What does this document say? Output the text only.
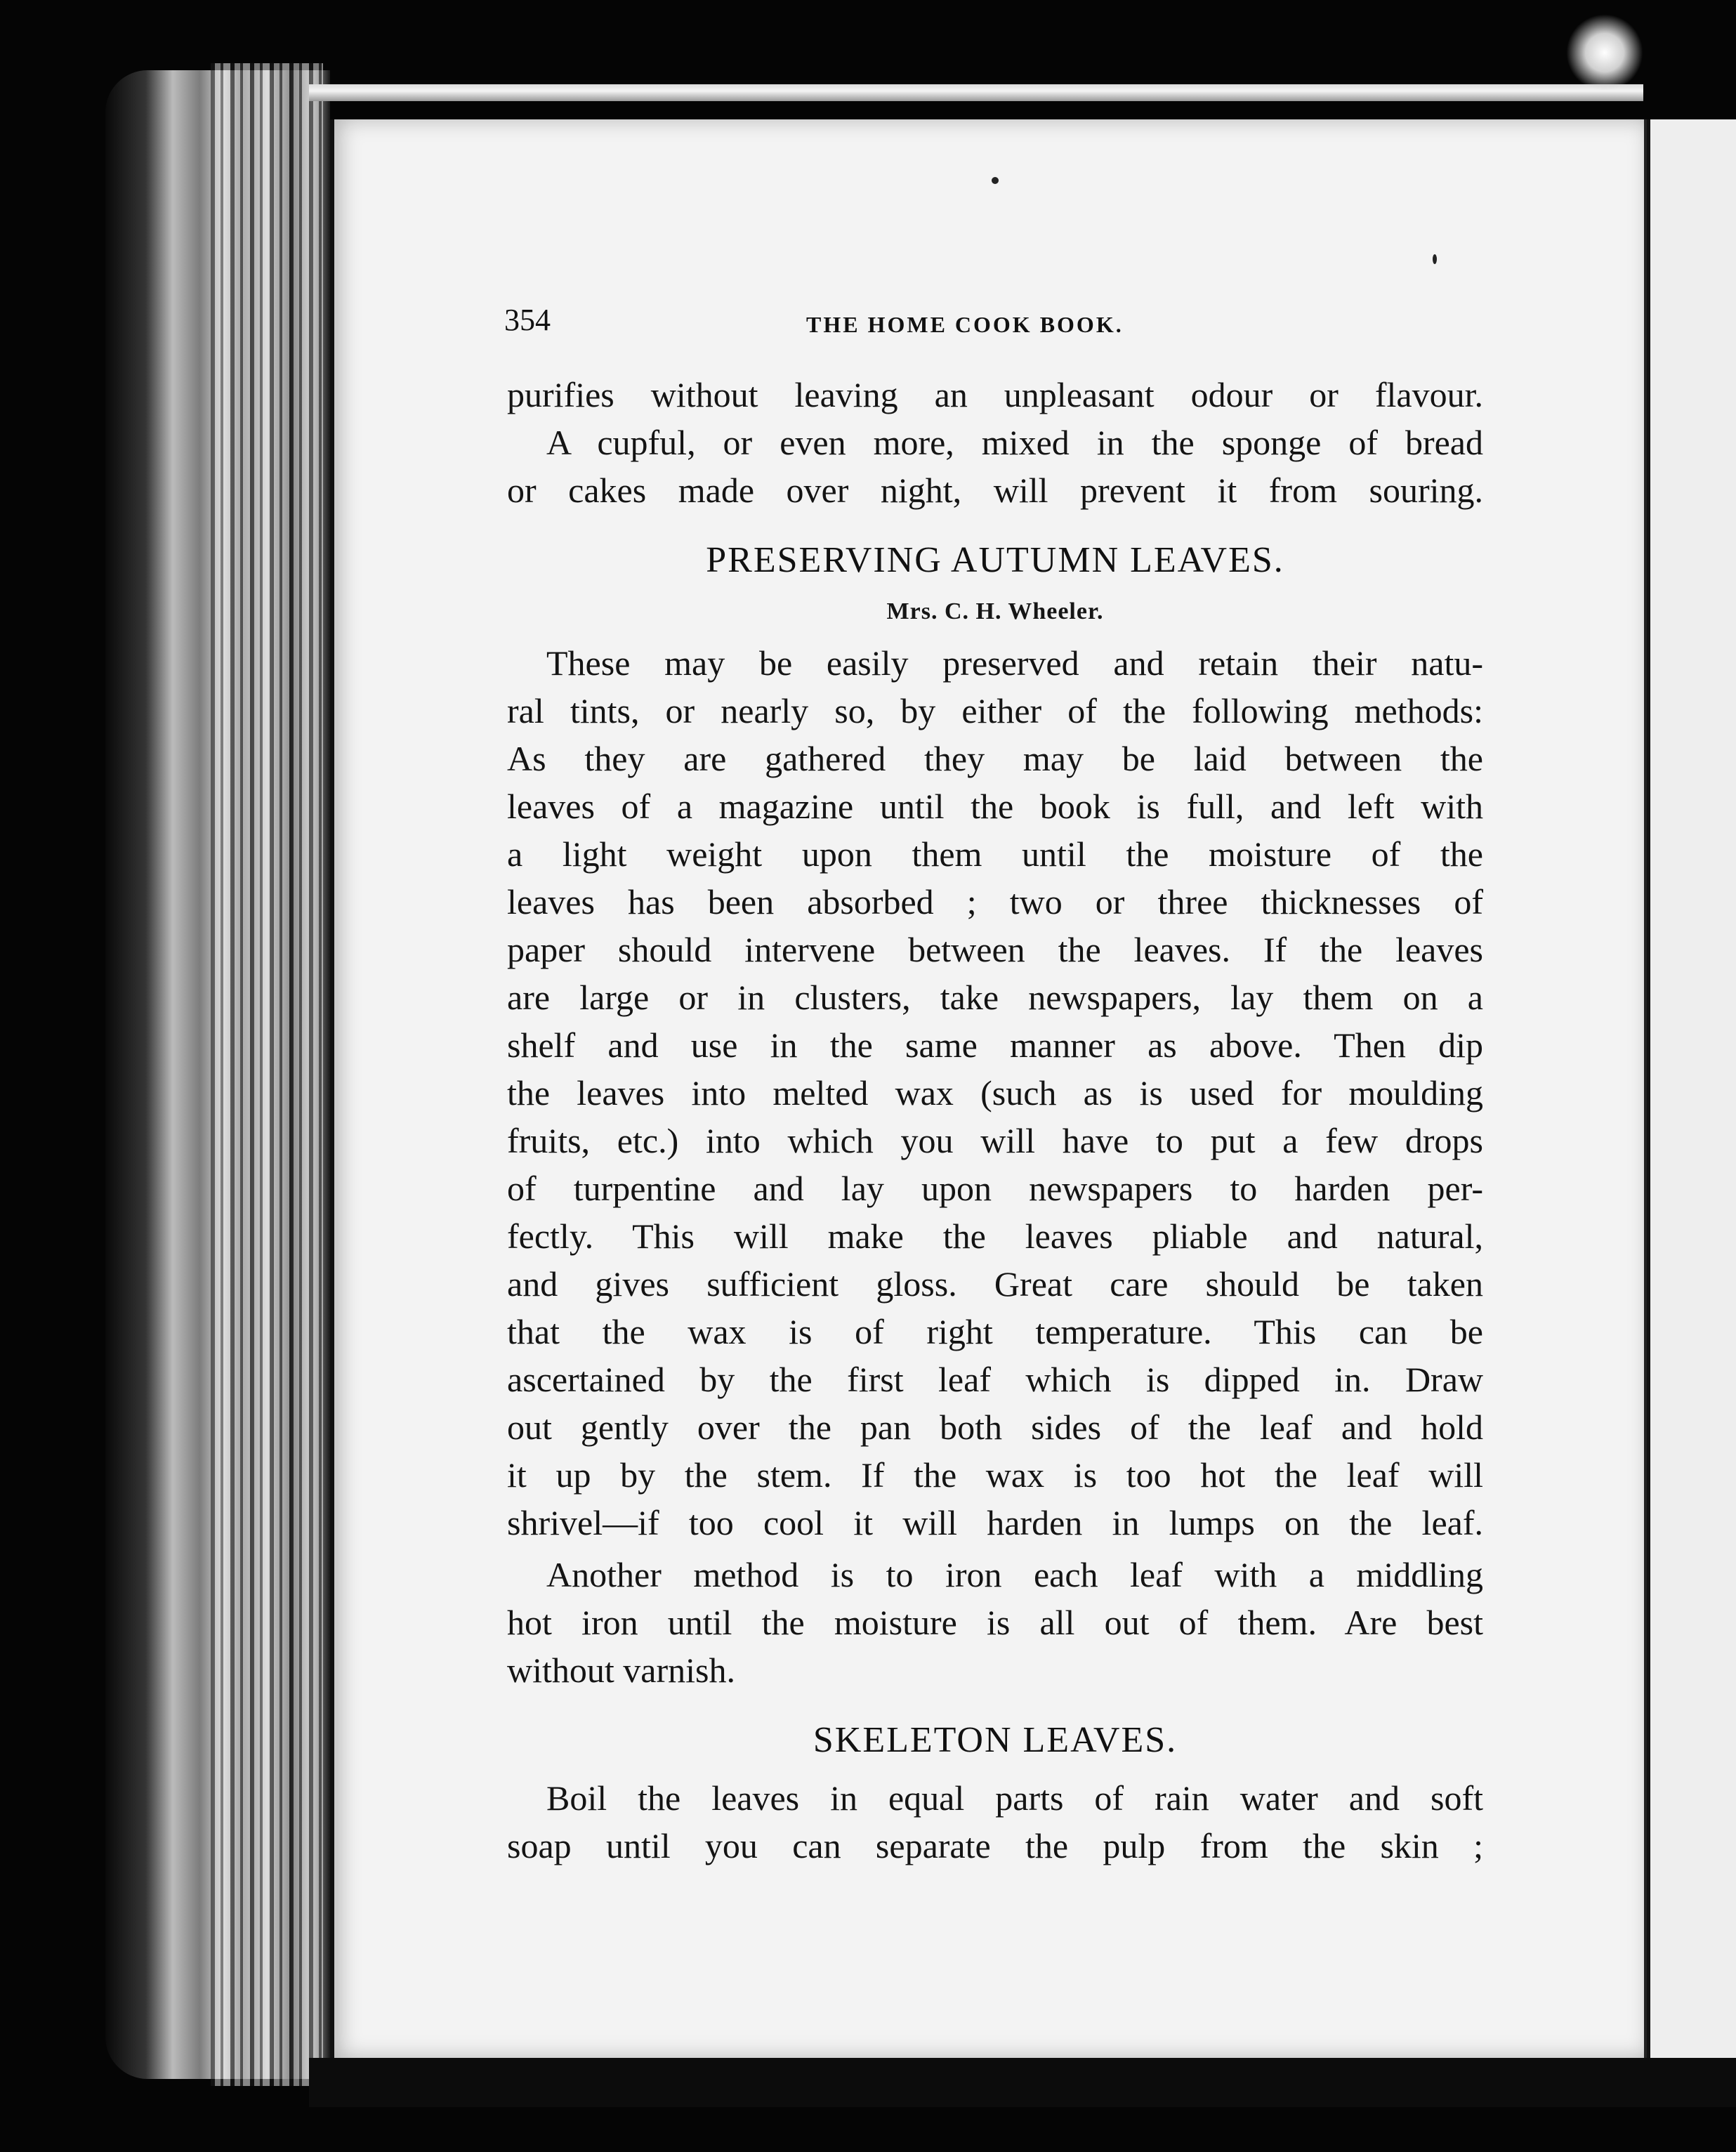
354	THE HOME COOK BOOK.
purifies without leaving an unpleasant odour or flavour.
A cupful, or even more, mixed in the sponge of bread
or cakes made over night, will prevent it from souring.
PRESERVING AUTUMN LEAVES.
Mrs. C. H. Wheeler.
These may be easily preserved and retain their natu-
ral tints, or nearly so, by either of the following methods:
As they are gathered they may be laid between the
leaves of a magazine until the book is full, and left with
a light weight upon them until the moisture of the
leaves has been absorbed ; two or three thicknesses of
paper should intervene between the leaves. If the leaves
are large or in clusters, take newspapers, lay them on a
shelf and use in the same manner as above. Then dip
the leaves into melted wax (such as is used for moulding
fruits, etc.) into which you will have to put a few drops
of turpentine and lay upon newspapers to harden per-
fectly. This will make the leaves pliable and natural,
and gives sufficient gloss. Great care should be taken
that the wax is of right temperature. This can be
ascertained by the first leaf which is dipped in. Draw
out gently over the pan both sides of the leaf and hold
it up by the stem. If the wax is too hot the leaf will
shrivel—if too cool it will harden in lumps on the leaf.
Another method is to iron each leaf with a middling
hot iron until the moisture is all out of them. Are best
without varnish.
SKELETON LEAVES.
Boil the leaves in equal parts of rain water and soft
soap until you can separate the pulp from the skin ;
